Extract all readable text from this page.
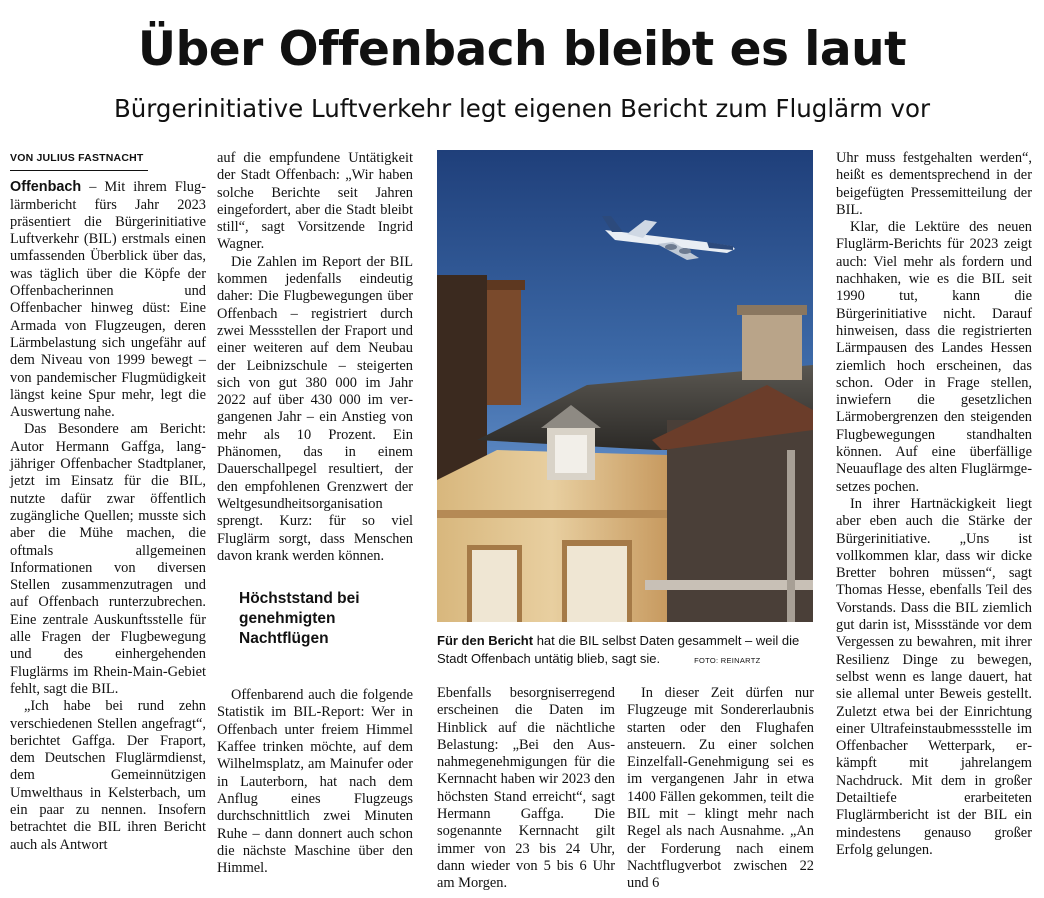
Über Offenbach bleibt es laut
Bürgerinitiative Luftverkehr legt eigenen Bericht zum Fluglärm vor
VON JULIUS FASTNACHT

Offenbach – Mit ihrem Fluglärmbericht fürs Jahr 2023 präsentiert die Bürgerinitiative Luftverkehr (BIL) erstmals einen umfassenden Überblick über das, was täglich über die Köpfe der Offenbacherinnen und Offenbacher hinweg düst: Eine Armada von Flugzeugen, deren Lärmbelastung sich ungefähr auf dem Niveau von 1999 bewegt – von pandemischer Flugmüdigkeit längst keine Spur mehr, legt die Auswertung nahe.

Das Besondere am Bericht: Autor Hermann Gaffga, langjähriger Offenbacher Stadtplaner, jetzt im Einsatz für die BIL, nutzte dafür zwar öffentlich zugängliche Quellen; musste sich aber die Mühe machen, die oftmals allgemeinen Informationen von diversen Stellen zusammenzutragen und auf Offenbach runterzubrechen. Eine zentrale Auskunftsstelle für alle Fragen der Flugbewegung und des einhergehenden Fluglärms im Rhein-Main-Gebiet fehlt, sagt die BIL.

„Ich habe bei rund zehn verschiedenen Stellen angefragt“, berichtet Gaffga. Der Fraport, dem Deutschen Fluglärmdienst, dem Gemeinnützigen Umwelthaus in Kelsterbach, um ein paar zu nennen. Insofern betrachtet die BIL ihren Bericht auch als Antwort

auf die empfundene Untätigkeit der Stadt Offenbach: „Wir haben solche Berichte seit Jahren eingefordert, aber die Stadt bleibt still“, sagt Vorsitzende Ingrid Wagner.

Die Zahlen im Report der BIL kommen jedenfalls eindeutig daher: Die Flugbewegungen über Offenbach – registriert durch zwei Messstellen der Fraport und einer weiteren auf dem Neubau der Leibnizschule – steigerten sich von gut 380 000 im Jahr 2022 auf über 430 000 im vergangenen Jahr – ein Anstieg von mehr als 10 Prozent. Ein Phänomen, das in einem Dauerschallpegel resultiert, der den empfohlenen Grenzwert der Weltgesundheitsorganisation sprengt. Kurz: für so viel Fluglärm sorgt, dass Menschen davon krank werden können.

Höchststand bei genehmigten Nachtflügen

Offenbarend auch die folgende Statistik im BIL-Report: Wer in Offenbach unter freiem Himmel Kaffee trinken möchte, auf dem Wilhelmsplatz, am Mainufer oder in Lauterborn, hat nach dem Anflug eines Flugzeugs durchschnittlich zwei Minuten Ruhe – dann donnert auch schon die nächste Maschine über den Himmel.

Für den Bericht hat die BIL selbst Daten gesammelt – weil die Stadt Offenbach untätig blieb, sagt sie.	FOTO: REINARTZ

Ebenfalls besorgniserregend erscheinen die Daten im Hinblick auf die nächtliche Belastung: „Bei den Ausnahmegenehmigungen für die Kernnacht haben wir 2023 den höchsten Stand erreicht“, sagt Hermann Gaffga. Die sogenannte Kernnacht gilt immer von 23 bis 24 Uhr, dann wieder von 5 bis 6 Uhr am Morgen.

In dieser Zeit dürfen nur Flugzeuge mit Sondererlaubnis starten oder den Flughafen ansteuern. Zu einer solchen Einzelfall-Genehmigung sei es im vergangenen Jahr in etwa 1400 Fällen gekommen, teilt die BIL mit – klingt mehr nach Regel als nach Ausnahme. „An der Forderung nach einem Nachtflugverbot zwischen 22 und 6

Uhr muss festgehalten werden“, heißt es dementsprechend in der beigefügten Pressemitteilung der BIL.

Klar, die Lektüre des neuen Fluglärm-Berichts für 2023 zeigt auch: Viel mehr als fordern und nachhaken, wie es die BIL seit 1990 tut, kann die Bürgerinitiative nicht. Darauf hinweisen, dass die registrierten Lärmpausen des Landes Hessen ziemlich hoch erscheinen, das schon. Oder in Frage stellen, inwiefern die gesetzlichen Lärmobergrenzen den steigenden Flugbewegungen standhalten können. Auf eine überfällige Neuauflage des alten Fluglärmgesetzes pochen.

In ihrer Hartnäckigkeit liegt aber eben auch die Stärke der Bürgerinitiative. „Uns ist vollkommen klar, dass wir dicke Bretter bohren müssen“, sagt Thomas Hesse, ebenfalls Teil des Vorstands. Dass die BIL ziemlich gut darin ist, Missstände vor dem Vergessen zu bewahren, mit ihrer Resilienz Dinge zu bewegen, selbst wenn es lange dauert, hat sie allemal unter Beweis gestellt. Zuletzt etwa bei der Einrichtung einer Ultrafeinstaubmessstelle im Offenbacher Wetterpark, erkämpft mit jahrelangem Nachdruck. Mit dem in großer Detailtiefe erarbeiteten Fluglärmbericht ist der BIL ein mindestens genauso großer Erfolg gelungen.
